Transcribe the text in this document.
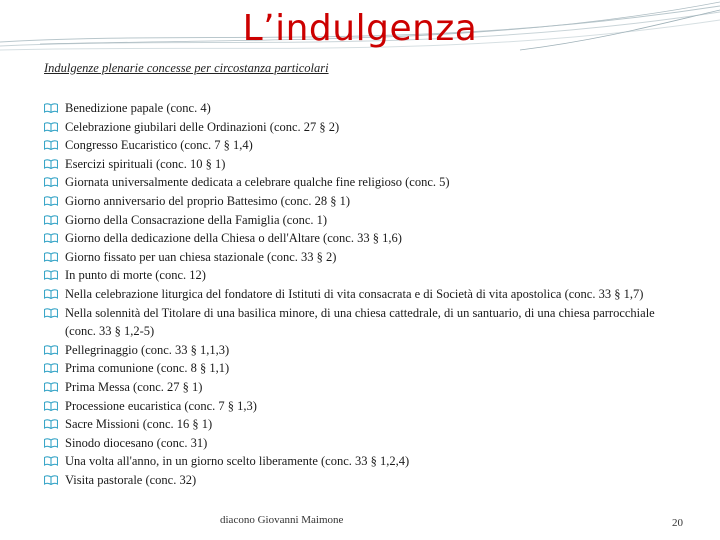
L’indulgenza
Indulgenze plenarie concesse per circostanza particolari
Benedizione papale (conc. 4)
Celebrazione giubilari delle Ordinazioni (conc. 27 § 2)
Congresso Eucaristico (conc. 7 § 1,4)
Esercizi spirituali (conc. 10 § 1)
Giornata universalmente dedicata a celebrare qualche fine religioso (conc. 5)
Giorno anniversario del proprio Battesimo (conc. 28 § 1)
Giorno della Consacrazione della Famiglia (conc. 1)
Giorno della dedicazione della Chiesa o dell'Altare (conc. 33 § 1,6)
Giorno fissato per uan chiesa stazionale (conc. 33 § 2)
In punto di morte (conc. 12)
Nella celebrazione liturgica del fondatore di Istituti di vita consacrata e di Società di vita apostolica (conc. 33 § 1,7)
Nella solennità del Titolare di una basilica minore, di una chiesa cattedrale, di un santuario, di una chiesa parrocchiale (conc. 33 § 1,2-5)
Pellegrinaggio (conc. 33 § 1,1,3)
Prima comunione (conc. 8 § 1,1)
Prima Messa (conc. 27 § 1)
Processione eucaristica (conc. 7 § 1,3)
Sacre Missioni (conc. 16 § 1)
Sinodo diocesano (conc. 31)
Una volta all'anno, in un giorno scelto liberamente (conc. 33 § 1,2,4)
Visita pastorale (conc. 32)
diacono Giovanni Maimone	20
